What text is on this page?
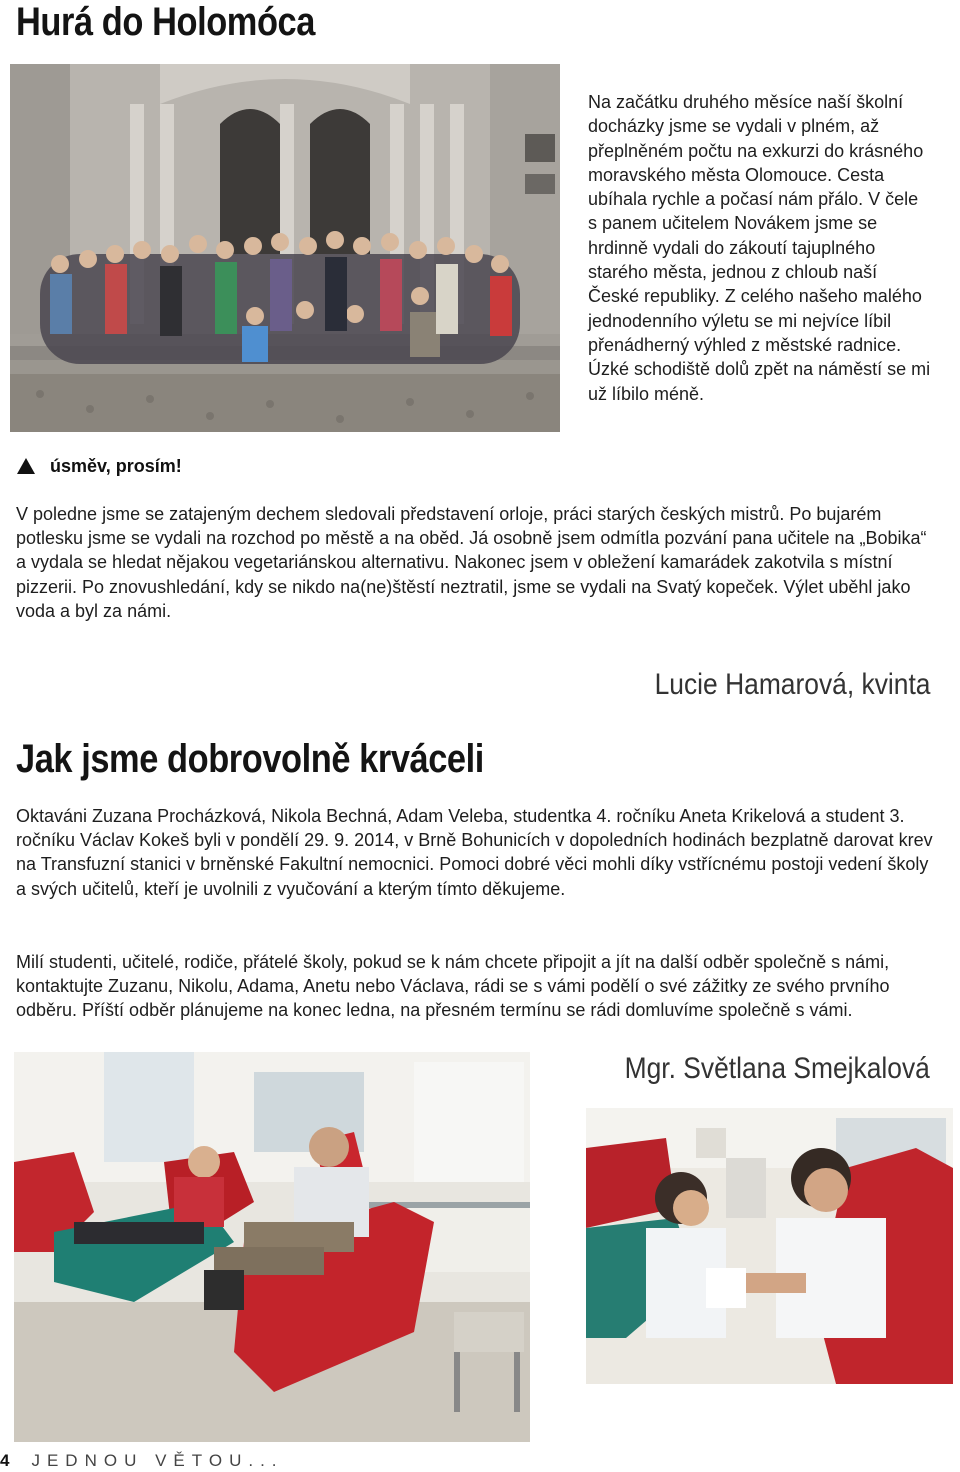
Hurá do Holomóca
Na začátku druhého měsíce naší školní docházky jsme se vydali v plném, až přeplněném počtu na exkurzi do krásného moravského města Olomouce. Cesta ubíhala rychle a počasí nám přálo. V čele s panem učitelem Novákem jsme se hrdinně vydali do zákoutí tajuplného starého města, jednou z chloub naší České republiky. Z celého našeho malého jednodenního výletu se mi nejvíce líbil přenádherný výhled z městské radnice. Úzké schodiště dolů zpět na náměstí se mi už líbilo méně.
úsměv, prosím!
V poledne jsme se zatajeným dechem sledovali představení orloje, práci starých českých mistrů. Po bujarém potlesku jsme se vydali na rozchod po městě a na oběd. Já osobně jsem odmítla pozvání pana učitele na „Bobika“ a vydala se hledat nějakou vegetariánskou alternativu. Nakonec jsem v obležení kamarádek zakotvila s místní pizzerii. Po znovushledání, kdy se nikdo na(ne)štěstí neztratil, jsme se vydali na Svatý kopeček. Výlet uběhl jako voda a byl za námi.
Lucie Hamarová, kvinta
Jak jsme dobrovolně krváceli
Oktaváni Zuzana Procházková, Nikola Bechná, Adam Veleba, studentka 4. ročníku Aneta Krikelová a student 3. ročníku Václav Kokeš byli v pondělí 29. 9. 2014, v Brně Bohunicích v dopoledních hodinách bezplatně darovat krev na Transfuzní stanici v brněnské Fakultní nemocnici. Pomoci dobré věci mohli díky vstřícnému postoji vedení školy a svých učitelů, kteří je uvolnili z vyučování a kterým tímto děkujeme.
Milí studenti, učitelé, rodiče, přátelé školy, pokud se k nám chcete připojit a jít na další odběr společně s námi, kontaktujte Zuzanu, Nikolu, Adama, Anetu nebo Václava, rádi se s vámi podělí o své zážitky ze svého prvního odběru. Příští odběr plánujeme na konec ledna, na přesném termínu se rádi domluvíme společně s vámi.
Mgr. Světlana Smejkalová
4 JEDNOU VĚTOU...
